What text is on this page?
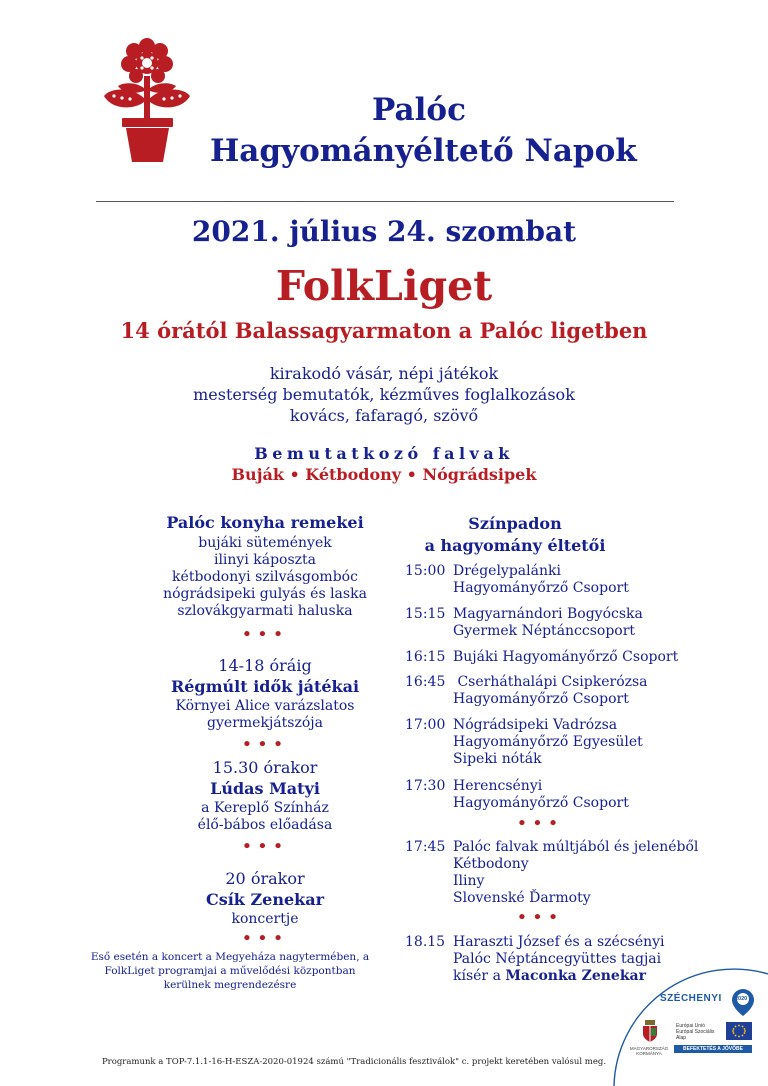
Palóc
Hagyományéltető Napok
2021. július 24. szombat
FolkLiget
14 órától Balassagyarmaton a Palóc ligetben
kirakodó vásár, népi játékok
mesterség bemutatók, kézműves foglalkozások
kovács, fafaragó, szövő
Bemutatkozó falvak
Buják • Kétbodony • Nógrádsipek
Palóc konyha remekei
bujáki sütemények
ilinyi káposzta
kétbodonyi szilvásgombóc
nógrádsipeki gulyás és laska
szlovákgyarmati haluska
•••
14-18 óráig
Régmúlt idők játékai
Környei Alice varázslatos
gyermekjátszója
•••
15.30 órakor
Lúdas Matyi
a Kereplő Színház
élő-bábos előadása
•••
20 órakor
Csík Zenekar
koncertje
•••
Eső esetén a koncert a Megyeháza nagytermében, a FolkLiget programjai a művelődési központban kerülnek megrendezésre
Színpadon
a hagyomány éltetői
15:00 Drégelypalánki
Hagyományőrző Csoport
15:15 Magyarnándori Bogyócska
Gyermek Néptánccsoport
16:15 Bujáki Hagyományőrző Csoport
16:45 Cserháthalápi Csipkerózsa
Hagyományőrző Csoport
17:00 Nógrádsipeki Vadrózsa
Hagyományőrző Egyesület
Sipeki nóták
17:30 Herencsényi
Hagyományőrző Csoport
•••
17:45 Palóc falvak múltjából és jelenéből
Kétbodony
Iliny
Slovenské Ďarmoty
•••
18.15 Haraszti József és a szécsényi
Palóc Néptáncegyüttes tagjai
kísér a Maconka Zenekar
SZÉCHENYI 2020
MAGYARORSZÁG KORMÁNYA
Európai Unió
Európai Szociális
Alap
BEFEKTETÉS A JÖVŐBE
Programunk a TOP-7.1.1-16-H-ESZA-2020-01924 számú "Tradicionális fesztiválok" c. projekt keretében valósul meg.
